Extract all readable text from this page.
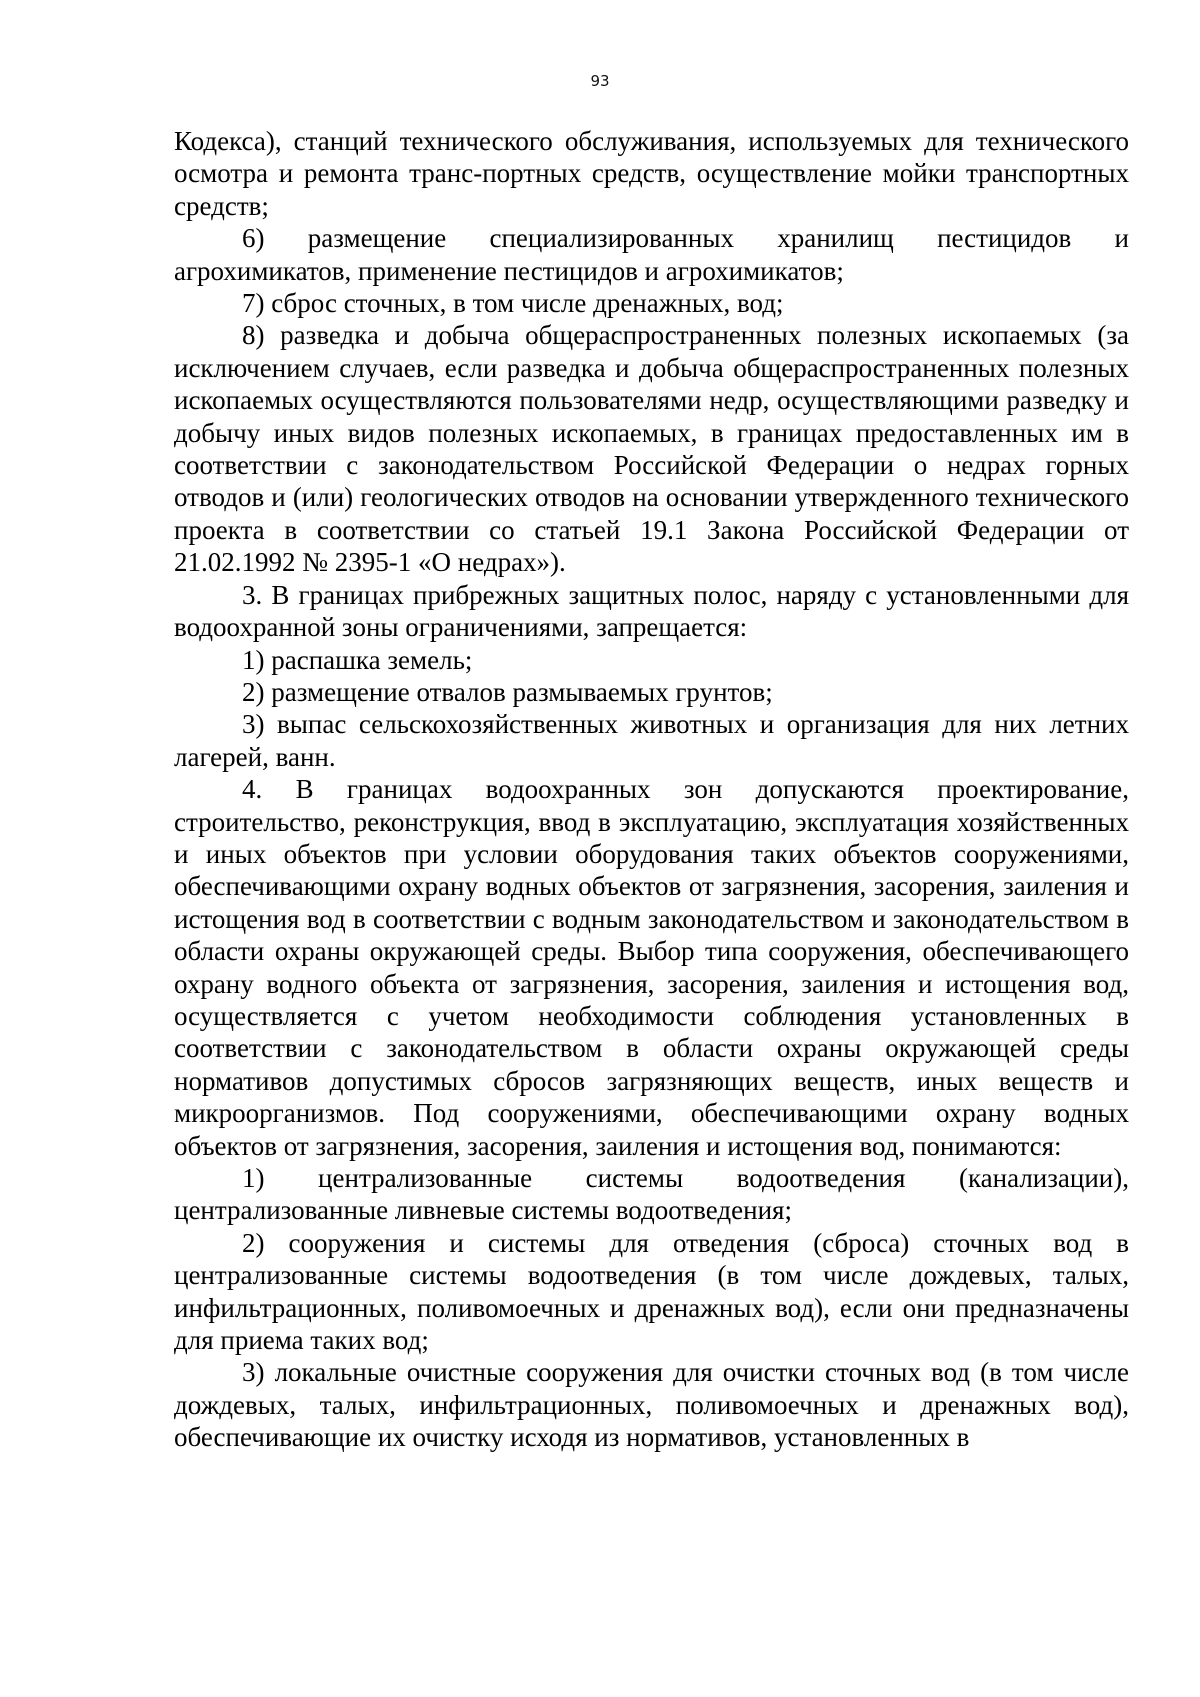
93

Кодекса), станций технического обслуживания, используемых для технического осмотра и ремонта транс-портных средств, осуществление мойки транспортных средств;

6) размещение специализированных хранилищ пестицидов и агрохимикатов, применение пестицидов и агрохимикатов;

7) сброс сточных, в том числе дренажных, вод;

8) разведка и добыча общераспространенных полезных ископаемых (за исключением случаев, если разведка и добыча общераспространенных полезных ископаемых осуществляются пользователями недр, осуществляющими разведку и добычу иных видов полезных ископаемых, в границах предоставленных им в соответствии с законодательством Российской Федерации о недрах горных отводов и (или) геологических отводов на основании утвержденного технического проекта в соответствии со статьей 19.1 Закона Российской Федерации от 21.02.1992 № 2395-1 «О недрах»).

3. В границах прибрежных защитных полос, наряду с установленными для водоохранной зоны ограничениями, запрещается:

1) распашка земель;

2) размещение отвалов размываемых грунтов;

3) выпас сельскохозяйственных животных и организация для них летних лагерей, ванн.

4. В границах водоохранных зон допускаются проектирование, строительство, реконструкция, ввод в эксплуатацию, эксплуатация хозяйственных и иных объектов при условии оборудования таких объектов сооружениями, обеспечивающими охрану водных объектов от загрязнения, засорения, заиления и истощения вод в соответствии с водным законодательством и законодательством в области охраны окружающей среды. Выбор типа сооружения, обеспечивающего охрану водного объекта от загрязнения, засорения, заиления и истощения вод, осуществляется с учетом необходимости соблюдения установленных в соответствии с законодательством в области охраны окружающей среды нормативов допустимых сбросов загрязняющих веществ, иных веществ и микроорганизмов. Под сооружениями, обеспечивающими охрану водных объектов от загрязнения, засорения, заиления и истощения вод, понимаются:

1) централизованные системы водоотведения (канализации), централизованные ливневые системы водоотведения;

2) сооружения и системы для отведения (сброса) сточных вод в централизованные системы водоотведения (в том числе дождевых, талых, инфильтрационных, поливомоечных и дренажных вод), если они предназначены для приема таких вод;

3) локальные очистные сооружения для очистки сточных вод (в том числе дождевых, талых, инфильтрационных, поливомоечных и дренажных вод), обеспечивающие их очистку исходя из нормативов, установленных в
